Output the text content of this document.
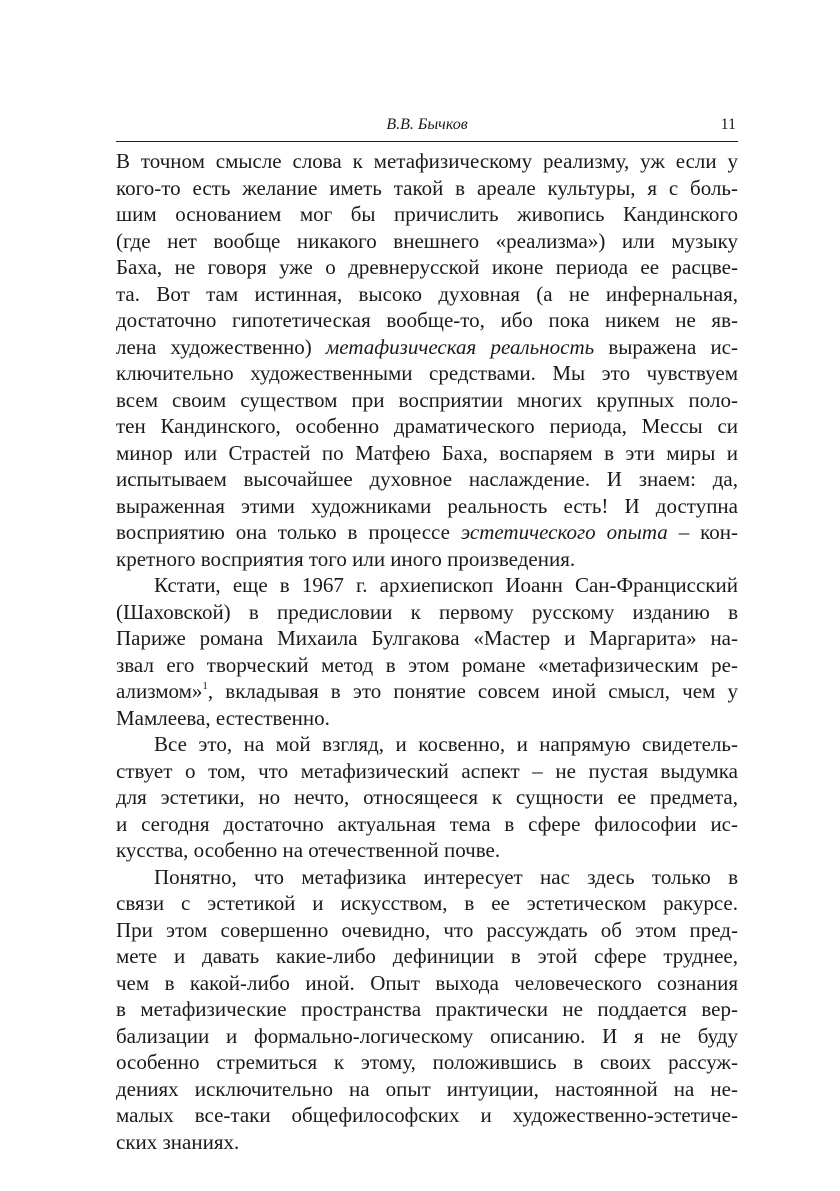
В.В. Бычков	11
В точном смысле слова к метафизическому реализму, уж если у
кого-то есть желание иметь такой в ареале культуры, я с боль-
шим основанием мог бы причислить живопись Кандинского
(где нет вообще никакого внешнего «реализма») или музыку
Баха, не говоря уже о древнерусской иконе периода ее расцве-
та. Вот там истинная, высоко духовная (а не инфернальная,
достаточно гипотетическая вообще-то, ибо пока никем не яв-
лена художественно) метафизическая реальность выражена ис-
ключительно художественными средствами. Мы это чувствуем
всем своим существом при восприятии многих крупных поло-
тен Кандинского, особенно драматического периода, Мессы си
минор или Страстей по Матфею Баха, воспаряем в эти миры и
испытываем высочайшее духовное наслаждение. И знаем: да,
выраженная этими художниками реальность есть! И доступна
восприятию она только в процессе эстетического опыта – кон-
кретного восприятия того или иного произведения.
Кстати, еще в 1967 г. архиепископ Иоанн Сан-Францисский
(Шаховской) в предисловии к первому русскому изданию в
Париже романа Михаила Булгакова «Мастер и Маргарита» на-
звал его творческий метод в этом романе «метафизическим ре-
ализмом»$^1$, вкладывая в это понятие совсем иной смысл, чем у
Мамлеева, естественно.
Все это, на мой взгляд, и косвенно, и напрямую свидетель-
ствует о том, что метафизический аспект – не пустая выдумка
для эстетики, но нечто, относящееся к сущности ее предмета,
и сегодня достаточно актуальная тема в сфере философии ис-
кусства, особенно на отечественной почве.
Понятно, что метафизика интересует нас здесь только в
связи с эстетикой и искусством, в ее эстетическом ракурсе.
При этом совершенно очевидно, что рассуждать об этом пред-
мете и давать какие-либо дефиниции в этой сфере труднее,
чем в какой-либо иной. Опыт выхода человеческого сознания
в метафизические пространства практически не поддается вер-
бализации и формально-логическому описанию. И я не буду
особенно стремиться к этому, положившись в своих рассуж-
дениях исключительно на опыт интуиции, настоянной на не-
малых все-таки общефилософских и художественно-эстетиче-
ских знаниях.
